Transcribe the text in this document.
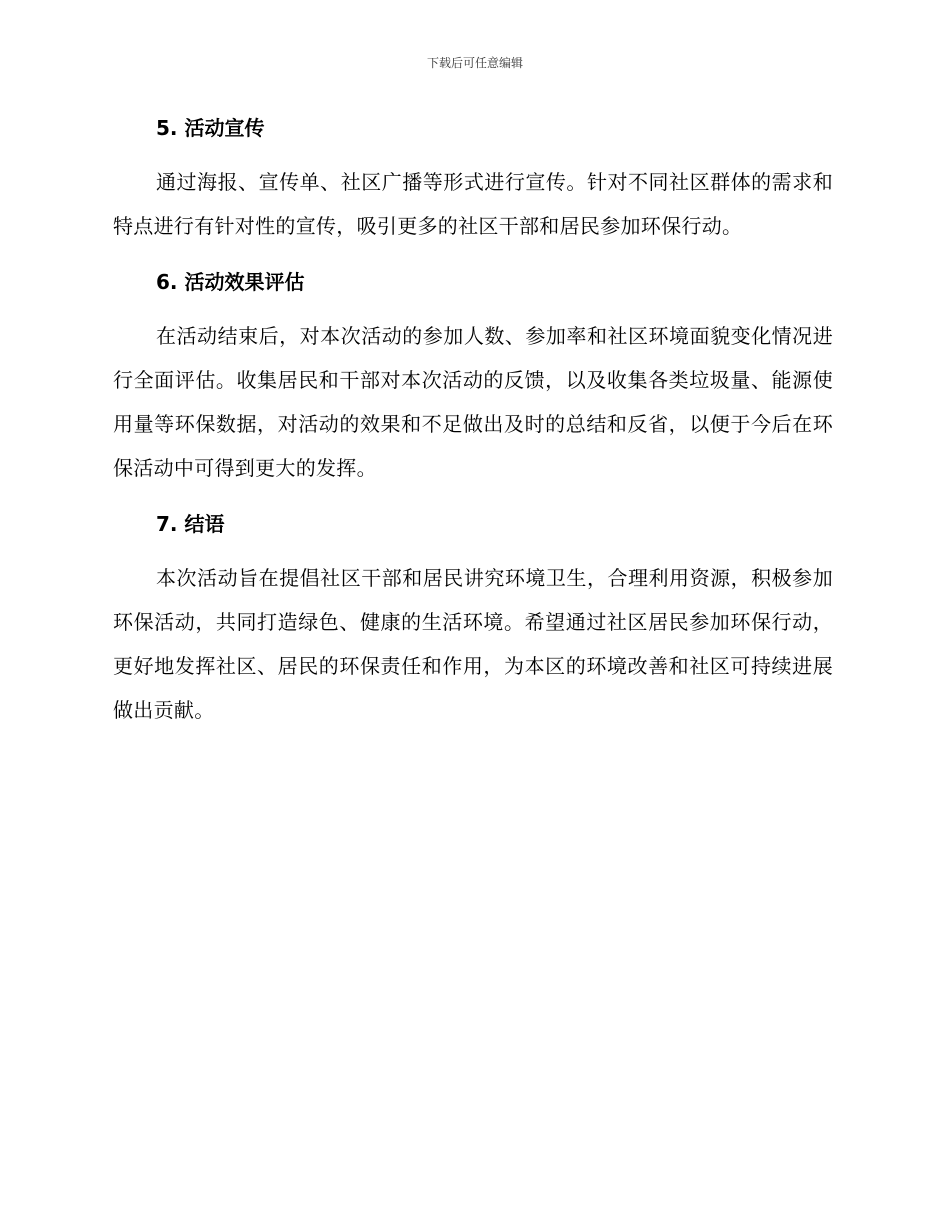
下载后可任意编辑
5. 活动宣传

通过海报、宣传单、社区广播等形式进行宣传。针对不同社区群体的需求和特点进行有针对性的宣传，吸引更多的社区干部和居民参加环保行动。

6. 活动效果评估

在活动结束后，对本次活动的参加人数、参加率和社区环境面貌变化情况进行全面评估。收集居民和干部对本次活动的反馈，以及收集各类垃圾量、能源使用量等环保数据，对活动的效果和不足做出及时的总结和反省，以便于今后在环保活动中可得到更大的发挥。

7. 结语

本次活动旨在提倡社区干部和居民讲究环境卫生，合理利用资源，积极参加环保活动，共同打造绿色、健康的生活环境。希望通过社区居民参加环保行动，更好地发挥社区、居民的环保责任和作用，为本区的环境改善和社区可持续进展做出贡献。
